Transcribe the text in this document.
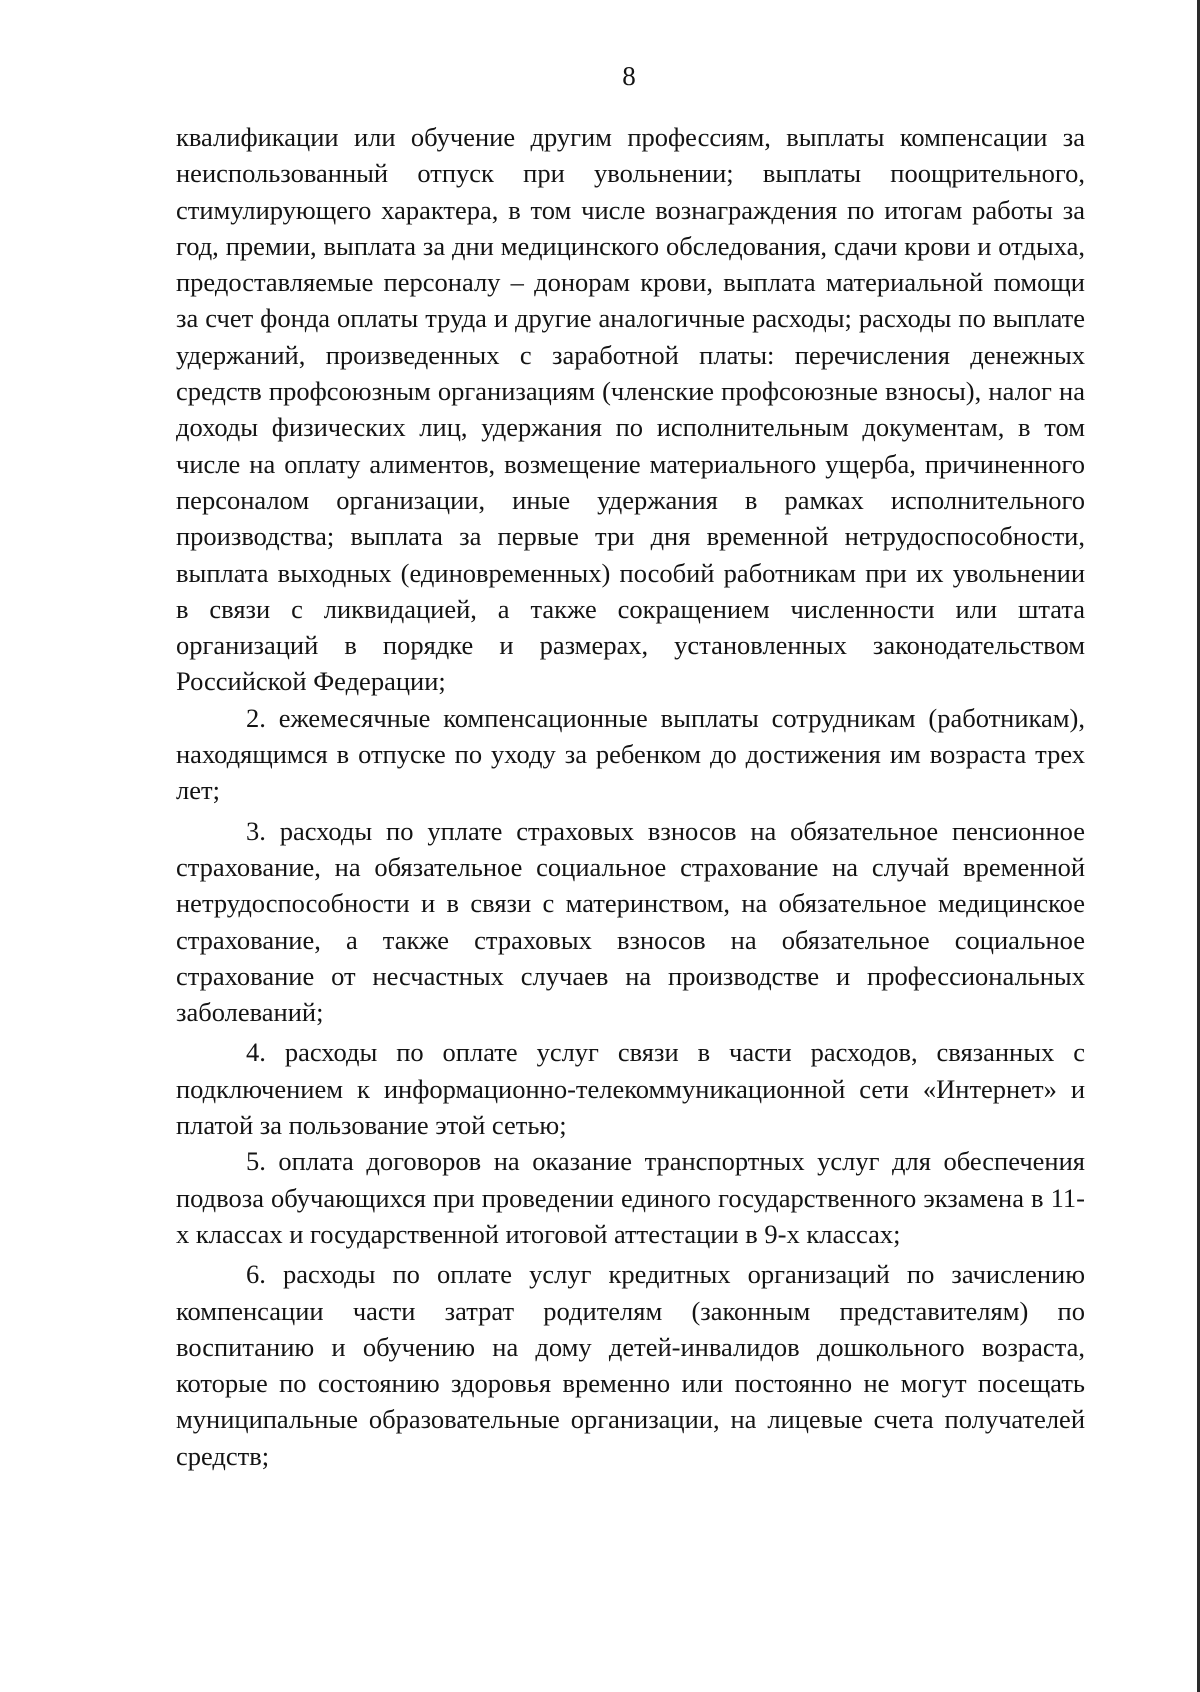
8

квалификации или обучение другим профессиям, выплаты компенсации за неиспользованный отпуск при увольнении; выплаты поощрительного, стимулирующего характера, в том числе вознаграждения по итогам работы за год, премии, выплата за дни медицинского обследования, сдачи крови и отдыха, предоставляемые персоналу – донорам крови, выплата материальной помощи за счет фонда оплаты труда и другие аналогичные расходы; расходы по выплате удержаний, произведенных с заработной платы: перечисления денежных средств профсоюзным организациям (членские профсоюзные взносы), налог на доходы физических лиц, удержания по исполнительным документам, в том числе на оплату алиментов, возмещение материального ущерба, причиненного персоналом организации, иные удержания в рамках исполнительного производства; выплата за первые три дня временной нетрудоспособности, выплата выходных (единовременных) пособий работникам при их увольнении в связи с ликвидацией, а также сокращением численности или штата организаций в порядке и размерах, установленных законодательством Российской Федерации;

2. ежемесячные компенсационные выплаты сотрудникам (работникам), находящимся в отпуске по уходу за ребенком до достижения им возраста трех лет;

3. расходы по уплате страховых взносов на обязательное пенсионное страхование, на обязательное социальное страхование на случай временной нетрудоспособности и в связи с материнством, на обязательное медицинское страхование, а также страховых взносов на обязательное социальное страхование от несчастных случаев на производстве и профессиональных заболеваний;

4. расходы по оплате услуг связи в части расходов, связанных с подключением к информационно-телекоммуникационной сети «Интернет» и платой за пользование этой сетью;

5. оплата договоров на оказание транспортных услуг для обеспечения подвоза обучающихся при проведении единого государственного экзамена в 11-х классах и государственной итоговой аттестации в 9-х классах;

6. расходы по оплате услуг кредитных организаций по зачислению компенсации части затрат родителям (законным представителям) по воспитанию и обучению на дому детей-инвалидов дошкольного возраста, которые по состоянию здоровья временно или постоянно не могут посещать муниципальные образовательные организации, на лицевые счета получателей средств;
